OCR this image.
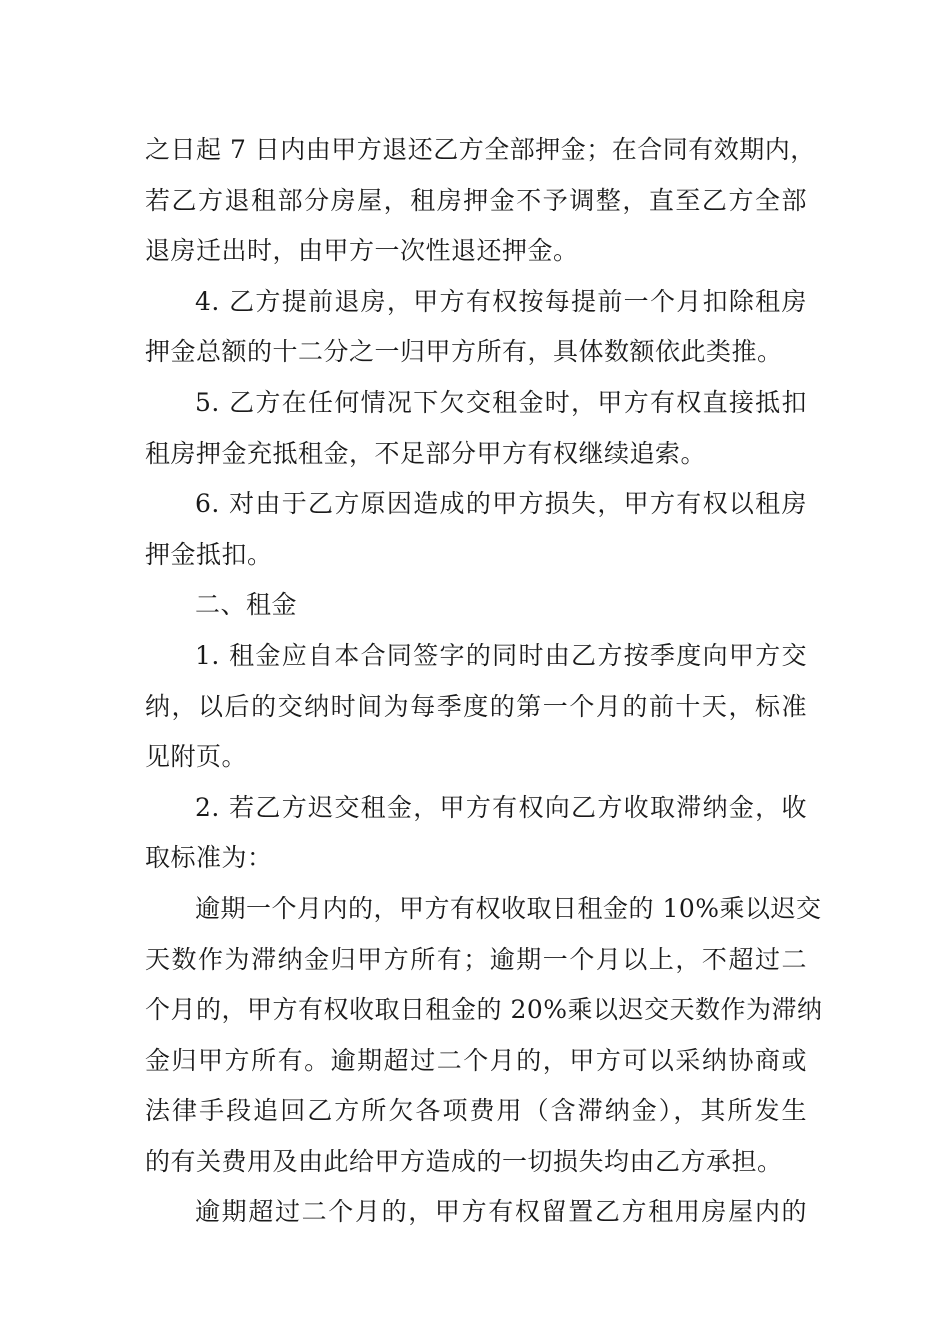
之日起 7 日内由甲方退还乙方全部押金；在合同有效期内，
若乙方退租部分房屋，租房押金不予调整，直至乙方全部
退房迁出时，由甲方一次性退还押金。

4. 乙方提前退房，甲方有权按每提前一个月扣除租房
押金总额的十二分之一归甲方所有，具体数额依此类推。

5. 乙方在任何情况下欠交租金时，甲方有权直接抵扣
租房押金充抵租金，不足部分甲方有权继续追索。

6. 对由于乙方原因造成的甲方损失，甲方有权以租房
押金抵扣。

二、租金

1. 租金应自本合同签字的同时由乙方按季度向甲方交
纳，以后的交纳时间为每季度的第一个月的前十天，标准
见附页。

2. 若乙方迟交租金，甲方有权向乙方收取滞纳金，收
取标准为：

逾期一个月内的，甲方有权收取日租金的 10%乘以迟交
天数作为滞纳金归甲方所有；逾期一个月以上，不超过二
个月的，甲方有权收取日租金的 20%乘以迟交天数作为滞纳
金归甲方所有。逾期超过二个月的，甲方可以采纳协商或
法律手段追回乙方所欠各项费用（含滞纳金），其所发生
的有关费用及由此给甲方造成的一切损失均由乙方承担。

逾期超过二个月的，甲方有权留置乙方租用房屋内的
